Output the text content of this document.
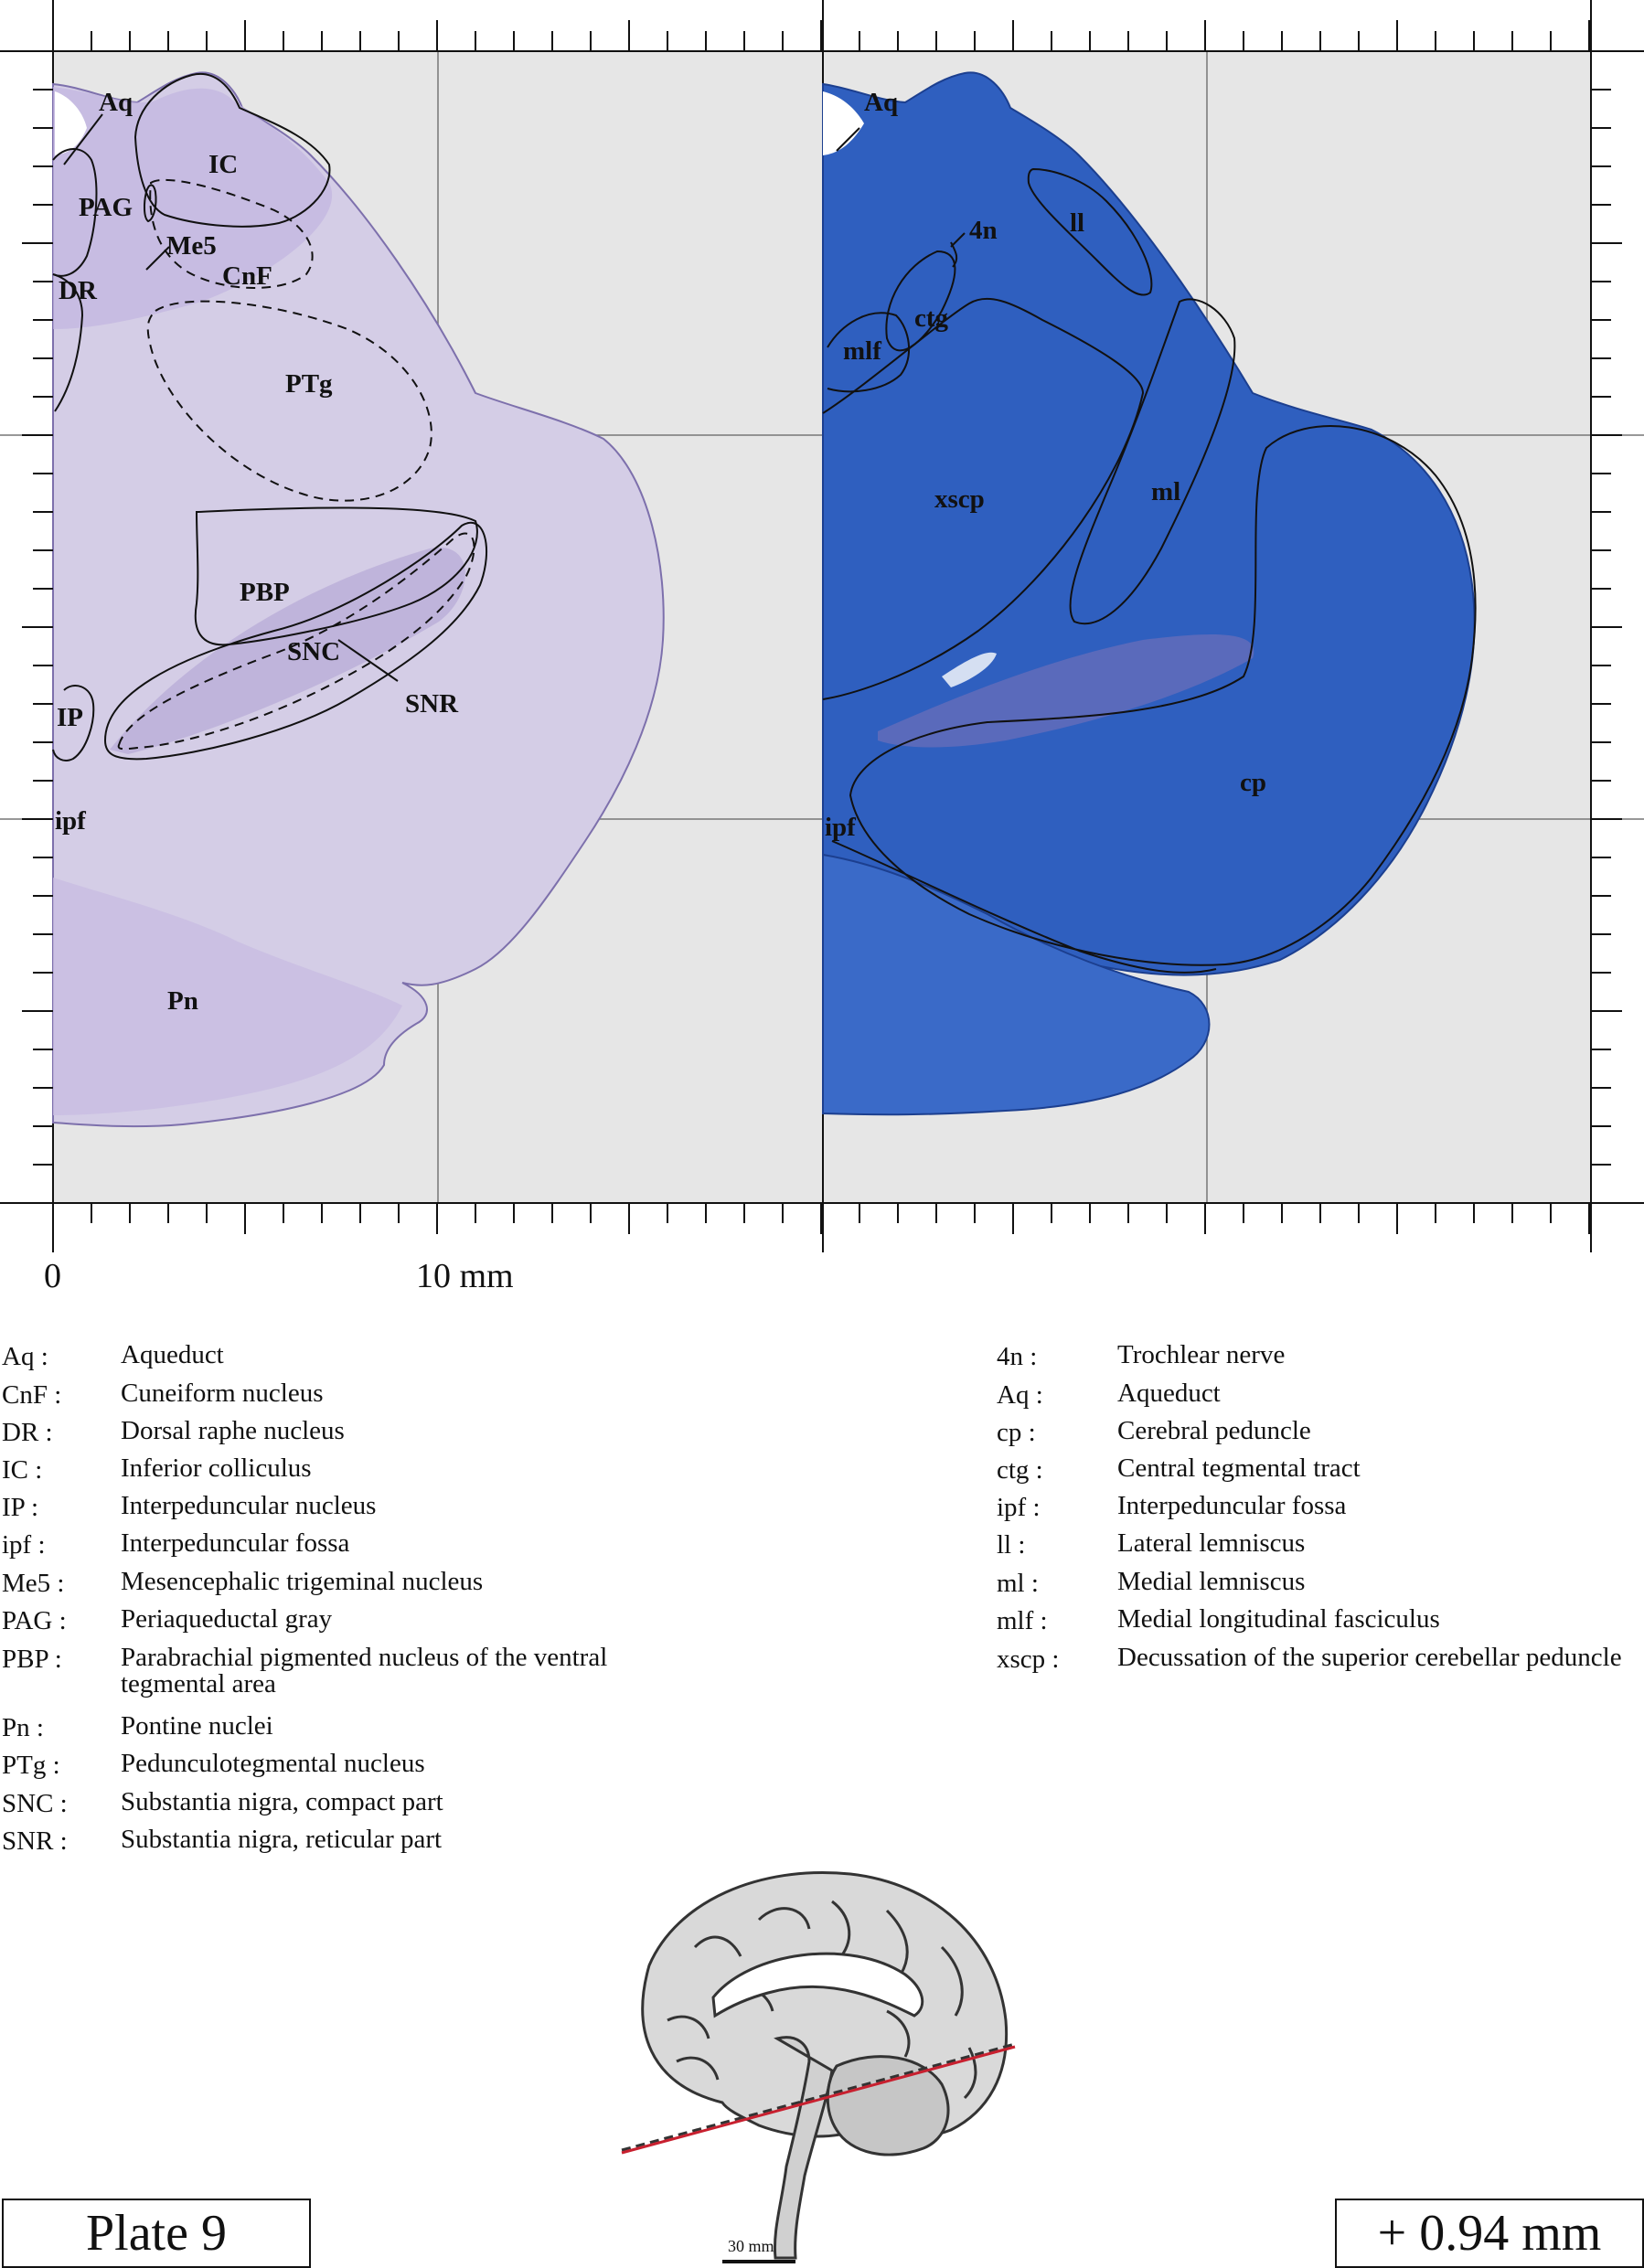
Aq
IC
PAG
Me5
DR	CnF
PTg
PBP
SNC
SNR
IP
ipf
Pn
Aq
4n	ll
ctg
mlf
xscp	ml
cp
ipf
0	10 mm
Aq :	Aqueduct
CnF : Cuneiform nucleus
DR :	Dorsal raphe nucleus
IC :	Inferior colliculus
IP :	Interpeduncular nucleus
ipf :	Interpeduncular fossa
Me5 : Mesencephalic trigeminal nucleus
PAG : Periaqueductal gray
PBP : Parabrachial pigmented nucleus of the ventral tegmental area
Pn :	Pontine nuclei
PTg : Pedunculotegmental nucleus
SNC : Substantia nigra, compact part
SNR : Substantia nigra, reticular part
4n :	Trochlear nerve
Aq :	Aqueduct
cp :	Cerebral peduncle
ctg :	Central tegmental tract
ipf :	Interpeduncular fossa
ll :	Lateral lemniscus
ml :	Medial lemniscus
mlf :	Medial longitudinal fasciculus
xscp : Decussation of the superior cerebellar peduncle
Plate 9	30 mm	+ 0.94 mm
